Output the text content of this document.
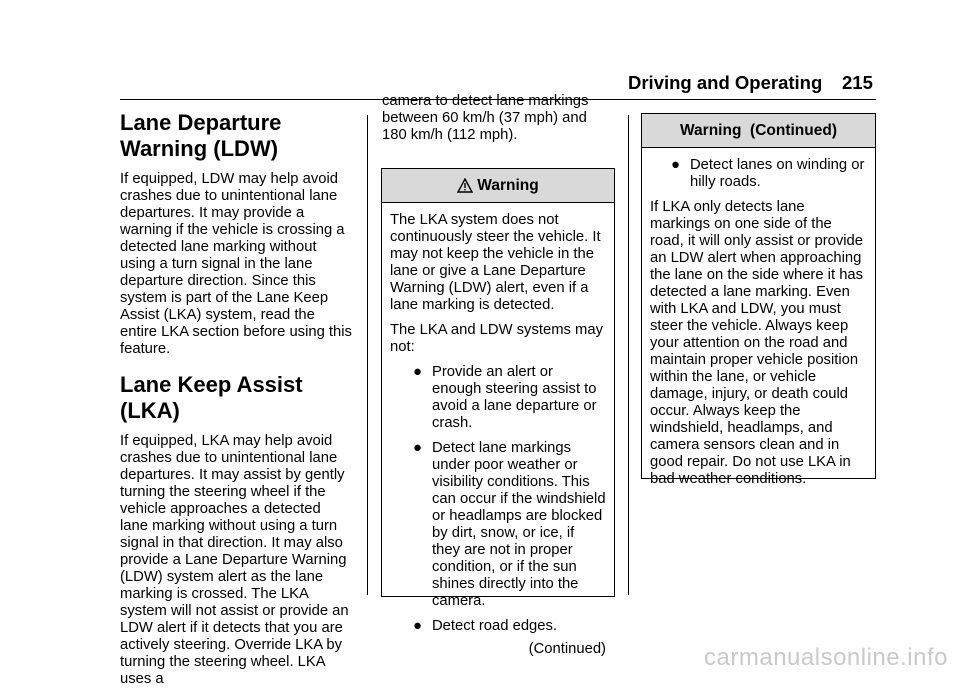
Driving and Operating 215
Lane Departure
Warning (LDW)

If equipped, LDW may help avoid crashes due to unintentional lane departures. It may provide a warning if the vehicle is crossing a detected lane marking without using a turn signal in the lane departure direction. Since this system is part of the Lane Keep Assist (LKA) system, read the entire LKA section before using this feature.

Lane Keep Assist (LKA)

If equipped, LKA may help avoid crashes due to unintentional lane departures. It may assist by gently turning the steering wheel if the vehicle approaches a detected lane marking without using a turn signal in that direction. It may also provide a Lane Departure Warning (LDW) system alert as the lane marking is crossed. The LKA system will not assist or provide an LDW alert if it detects that you are actively steering. Override LKA by turning the steering wheel. LKA uses a

camera to detect lane markings between 60 km/h (37 mph) and 180 km/h (112 mph).

Warning

The LKA system does not continuously steer the vehicle. It may not keep the vehicle in the lane or give a Lane Departure Warning (LDW) alert, even if a lane marking is detected.

The LKA and LDW systems may not:

● Provide an alert or enough steering assist to avoid a lane departure or crash.
● Detect lane markings under poor weather or visibility conditions. This can occur if the windshield or headlamps are blocked by dirt, snow, or ice, if they are not in proper condition, or if the sun shines directly into the camera.
● Detect road edges.
(Continued)
Warning  (Continued)
● Detect lanes on winding or hilly roads.

If LKA only detects lane markings on one side of the road, it will only assist or provide an LDW alert when approaching the lane on the side where it has detected a lane marking. Even with LKA and LDW, you must steer the vehicle. Always keep your attention on the road and maintain proper vehicle position within the lane, or vehicle damage, injury, or death could occur. Always keep the windshield, headlamps, and camera sensors clean and in good repair. Do not use LKA in bad weather conditions.

carmanualsonline.info
